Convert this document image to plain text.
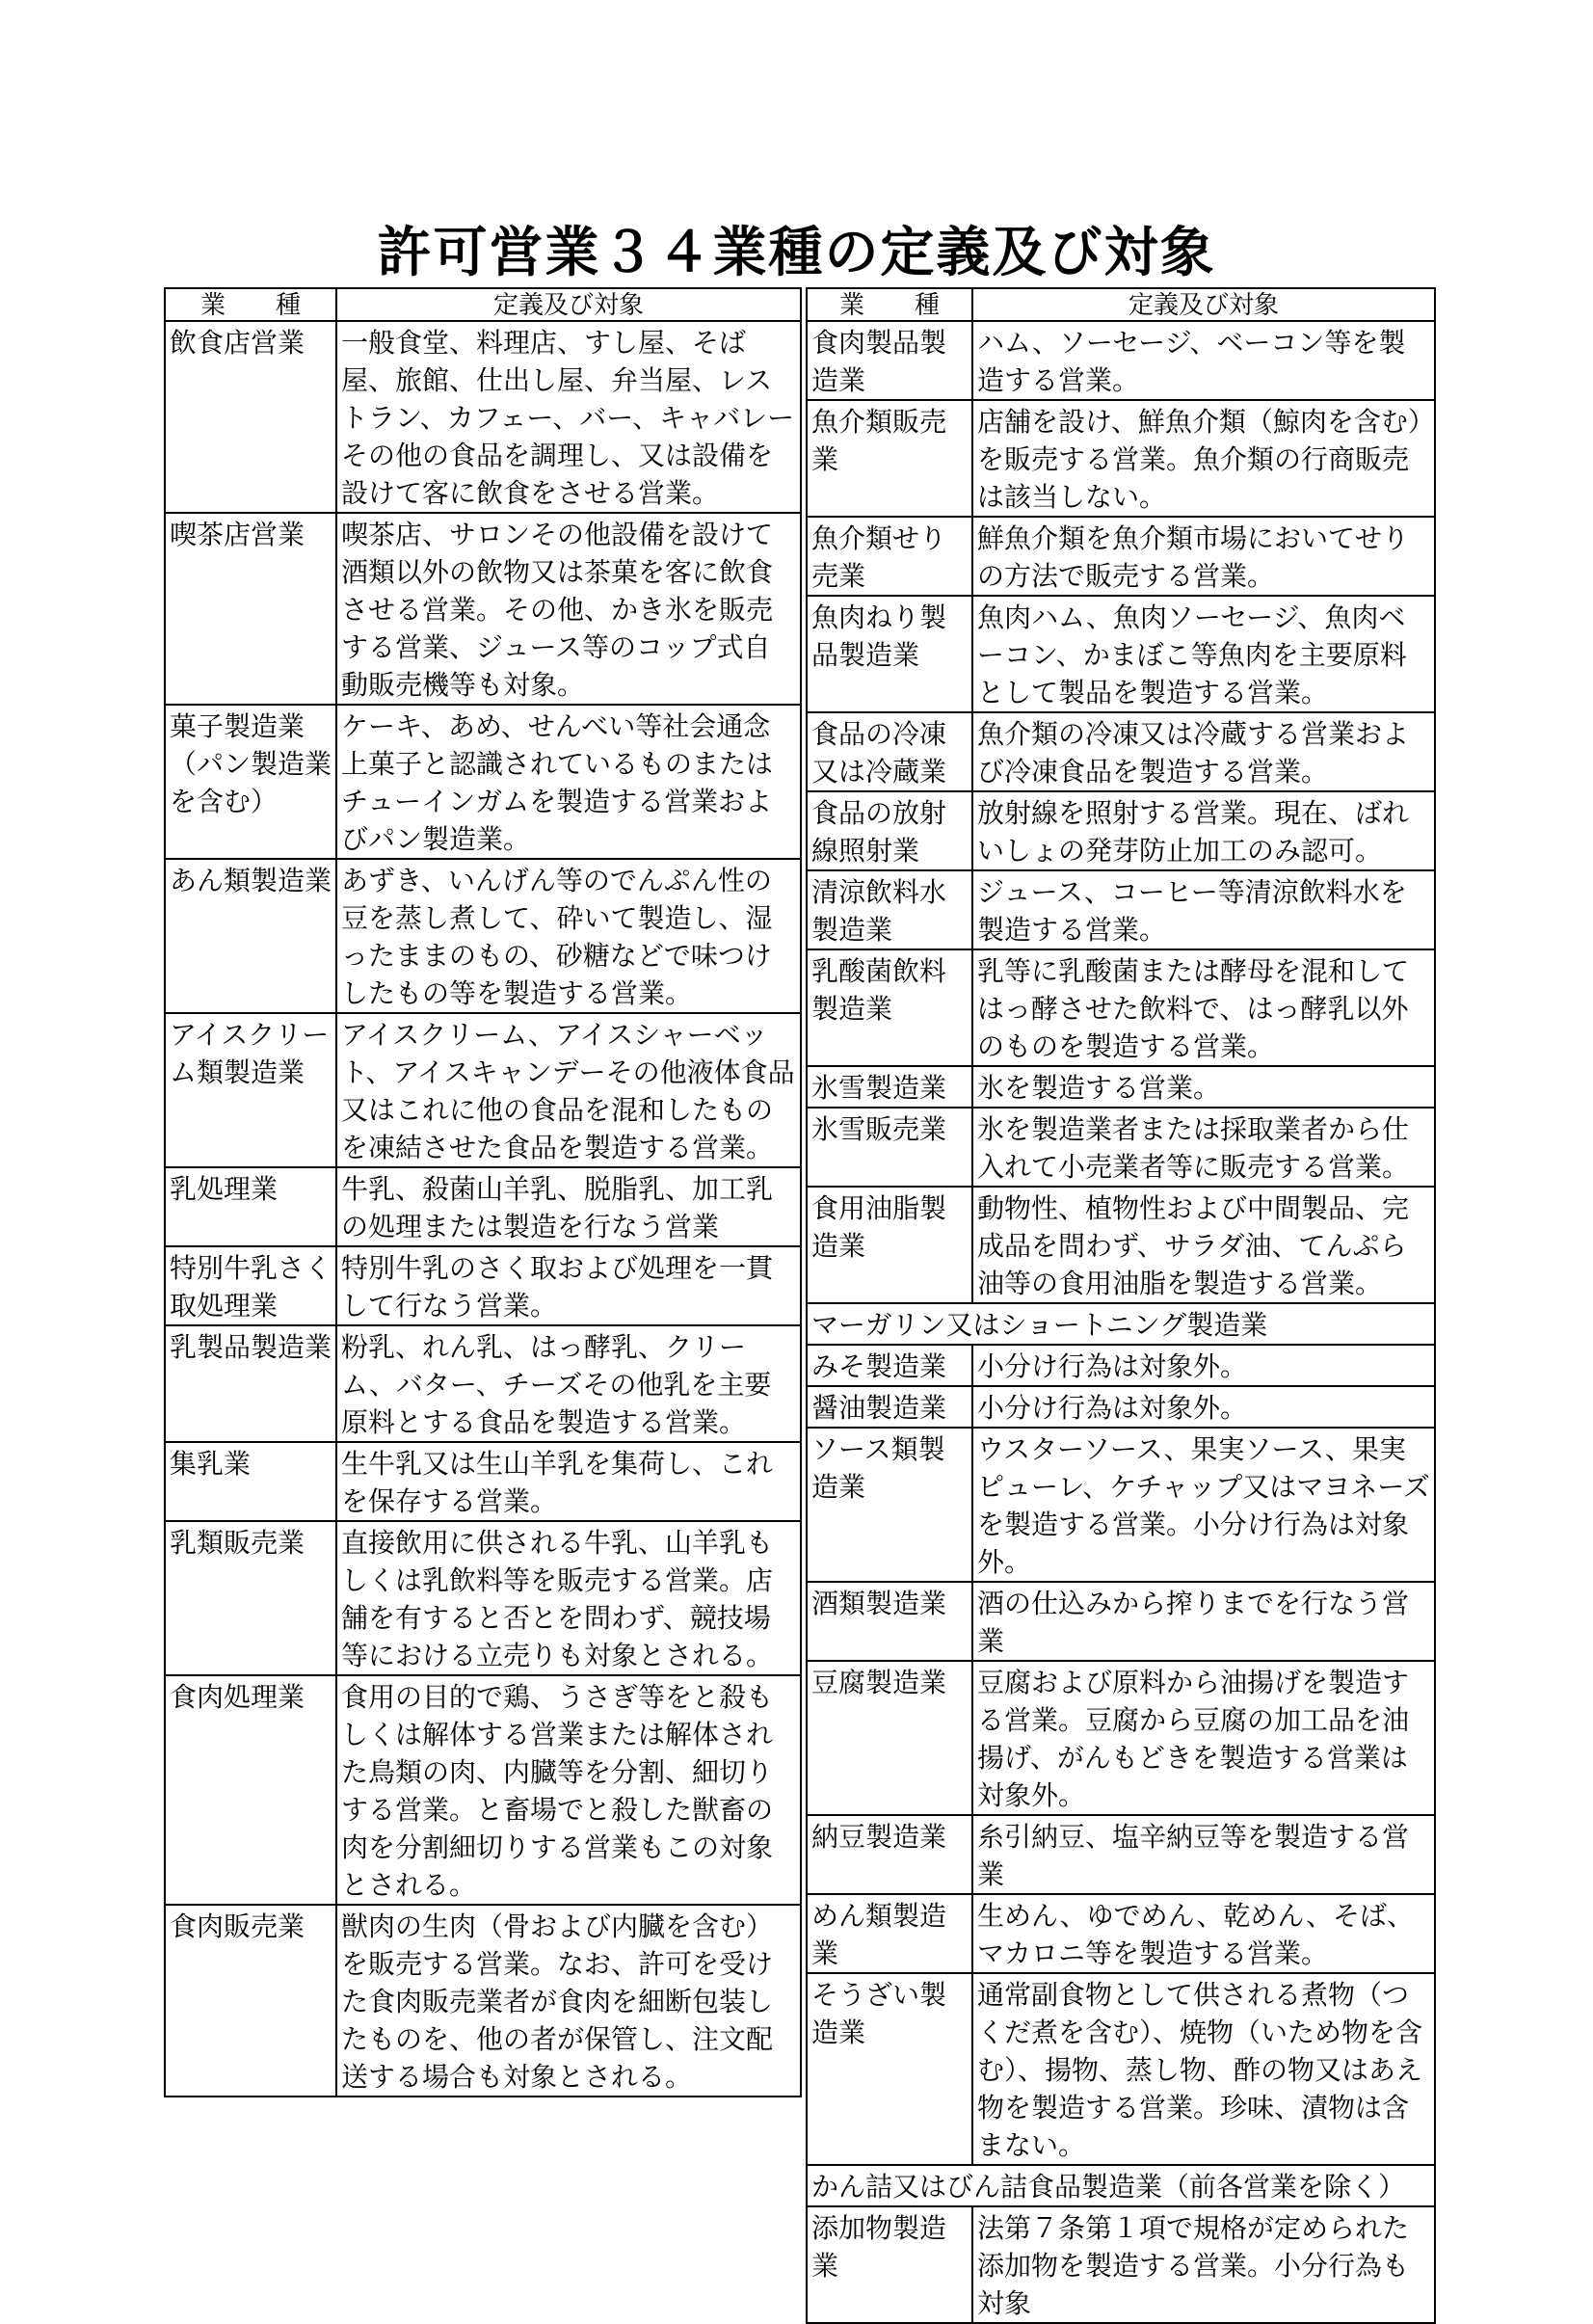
許可営業３４業種の定義及び対象
業　　種	定義及び対象
飲食店営業	一般食堂、料理店、すし屋、そば屋、旅館、仕出し屋、弁当屋、レストラン、カフェー、バー、キャバレーその他の食品を調理し、又は設備を設けて客に飲食をさせる営業。
喫茶店営業	喫茶店、サロンその他設備を設けて酒類以外の飲物又は茶菓を客に飲食させる営業。その他、かき氷を販売する営業、ジュース等のコップ式自動販売機等も対象。
菓子製造業（パン製造業を含む）	ケーキ、あめ、せんべい等社会通念上菓子と認識されているものまたはチューインガムを製造する営業およびパン製造業。
あん類製造業	あずき、いんげん等のでんぷん性の豆を蒸し煮して、砕いて製造し、湿ったままのもの、砂糖などで味つけしたもの等を製造する営業。
アイスクリーム類製造業	アイスクリーム、アイスシャーベット、アイスキャンデーその他液体食品又はこれに他の食品を混和したものを凍結させた食品を製造する営業。
乳処理業	牛乳、殺菌山羊乳、脱脂乳、加工乳の処理または製造を行なう営業
特別牛乳さく取処理業	特別牛乳のさく取および処理を一貫して行なう営業。
乳製品製造業	粉乳、れん乳、はっ酵乳、クリーム、バター、チーズその他乳を主要原料とする食品を製造する営業。
集乳業	生牛乳又は生山羊乳を集荷し、これを保存する営業。
乳類販売業	直接飲用に供される牛乳、山羊乳もしくは乳飲料等を販売する営業。店舗を有すると否とを問わず、競技場等における立売りも対象とされる。
食肉処理業	食用の目的で鶏、うさぎ等をと殺もしくは解体する営業または解体された鳥類の肉、内臓等を分割、細切りする営業。と畜場でと殺した獣畜の肉を分割細切りする営業もこの対象とされる。
食肉販売業	獣肉の生肉（骨および内臓を含む）を販売する営業。なお、許可を受けた食肉販売業者が食肉を細断包装したものを、他の者が保管し、注文配送する場合も対象とされる。
業　　種	定義及び対象
食肉製品製造業	ハム、ソーセージ、ベーコン等を製造する営業。
魚介類販売業	店舗を設け、鮮魚介類（鯨肉を含む）を販売する営業。魚介類の行商販売は該当しない。
魚介類せり売業	鮮魚介類を魚介類市場においてせりの方法で販売する営業。
魚肉ねり製品製造業	魚肉ハム、魚肉ソーセージ、魚肉ベーコン、かまぼこ等魚肉を主要原料として製品を製造する営業。
食品の冷凍又は冷蔵業	魚介類の冷凍又は冷蔵する営業および冷凍食品を製造する営業。
食品の放射線照射業	放射線を照射する営業。現在、ばれいしょの発芽防止加工のみ認可。
清涼飲料水製造業	ジュース、コーヒー等清涼飲料水を製造する営業。
乳酸菌飲料製造業	乳等に乳酸菌または酵母を混和してはっ酵させた飲料で、はっ酵乳以外のものを製造する営業。
氷雪製造業	氷を製造する営業。
氷雪販売業	氷を製造業者または採取業者から仕入れて小売業者等に販売する営業。
食用油脂製造業	動物性、植物性および中間製品、完成品を問わず、サラダ油、てんぷら油等の食用油脂を製造する営業。
マーガリン又はショートニング製造業	
みそ製造業	小分け行為は対象外。
醤油製造業	小分け行為は対象外。
ソース類製造業	ウスターソース、果実ソース、果実ピューレ、ケチャップ又はマヨネーズを製造する営業。小分け行為は対象外。
酒類製造業	酒の仕込みから搾りまでを行なう営業
豆腐製造業	豆腐および原料から油揚げを製造する営業。豆腐から豆腐の加工品を油揚げ、がんもどきを製造する営業は対象外。
納豆製造業	糸引納豆、塩辛納豆等を製造する営業
めん類製造業	生めん、ゆでめん、乾めん、そば、マカロニ等を製造する営業。
そうざい製造業	通常副食物として供される煮物（つくだ煮を含む）、焼物（いため物を含む）、揚物、蒸し物、酢の物又はあえ物を製造する営業。珍味、漬物は含まない。
かん詰又はびん詰食品製造業（前各営業を除く）	
添加物製造業	法第７条第１項で規格が定められた添加物を製造する営業。小分行為も対象
